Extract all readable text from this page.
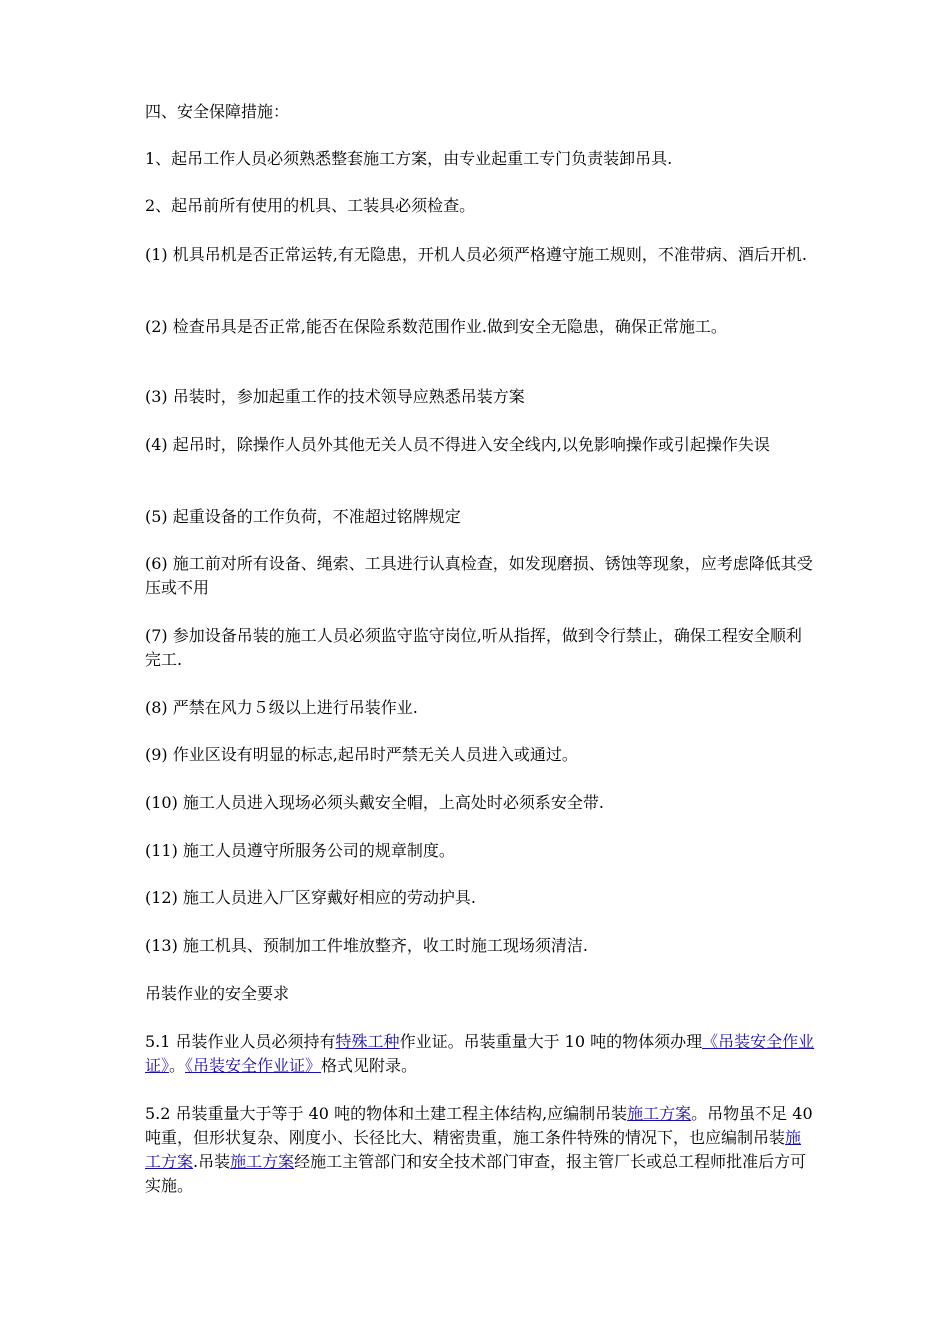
四、安全保障措施：

1、起吊工作人员必须熟悉整套施工方案，由专业起重工专门负责装卸吊具.

2、起吊前所有使用的机具、工装具必须检查。

(1) 机具吊机是否正常运转,有无隐患，开机人员必须严格遵守施工规则，不准带病、酒后开机.

(2) 检查吊具是否正常,能否在保险系数范围作业.做到安全无隐患，确保正常施工。

(3) 吊装时，参加起重工作的技术领导应熟悉吊装方案

(4) 起吊时，除操作人员外其他无关人员不得进入安全线内,以免影响操作或引起操作失误

(5) 起重设备的工作负荷，不准超过铭牌规定

(6) 施工前对所有设备、绳索、工具进行认真检查，如发现磨损、锈蚀等现象，应考虑降低其受压或不用

(7) 参加设备吊装的施工人员必须监守监守岗位,听从指挥，做到令行禁止，确保工程安全顺利完工.

(8) 严禁在风力５级以上进行吊装作业.

(9) 作业区设有明显的标志,起吊时严禁无关人员进入或通过。

(10) 施工人员进入现场必须头戴安全帽，上高处时必须系安全带.

(11) 施工人员遵守所服务公司的规章制度。

(12) 施工人员进入厂区穿戴好相应的劳动护具.

(13) 施工机具、预制加工件堆放整齐，收工时施工现场须清洁.

吊装作业的安全要求

5.1 吊装作业人员必须持有特殊工种作业证。吊装重量大于 10 吨的物体须办理《吊装安全作业证》。《吊装安全作业证》格式见附录。

5.2 吊装重量大于等于 40 吨的物体和土建工程主体结构,应编制吊装施工方案。吊物虽不足 40 吨重，但形状复杂、刚度小、长径比大、精密贵重，施工条件特殊的情况下，也应编制吊装施工方案.吊装施工方案经施工主管部门和安全技术部门审查，报主管厂长或总工程师批准后方可实施。
